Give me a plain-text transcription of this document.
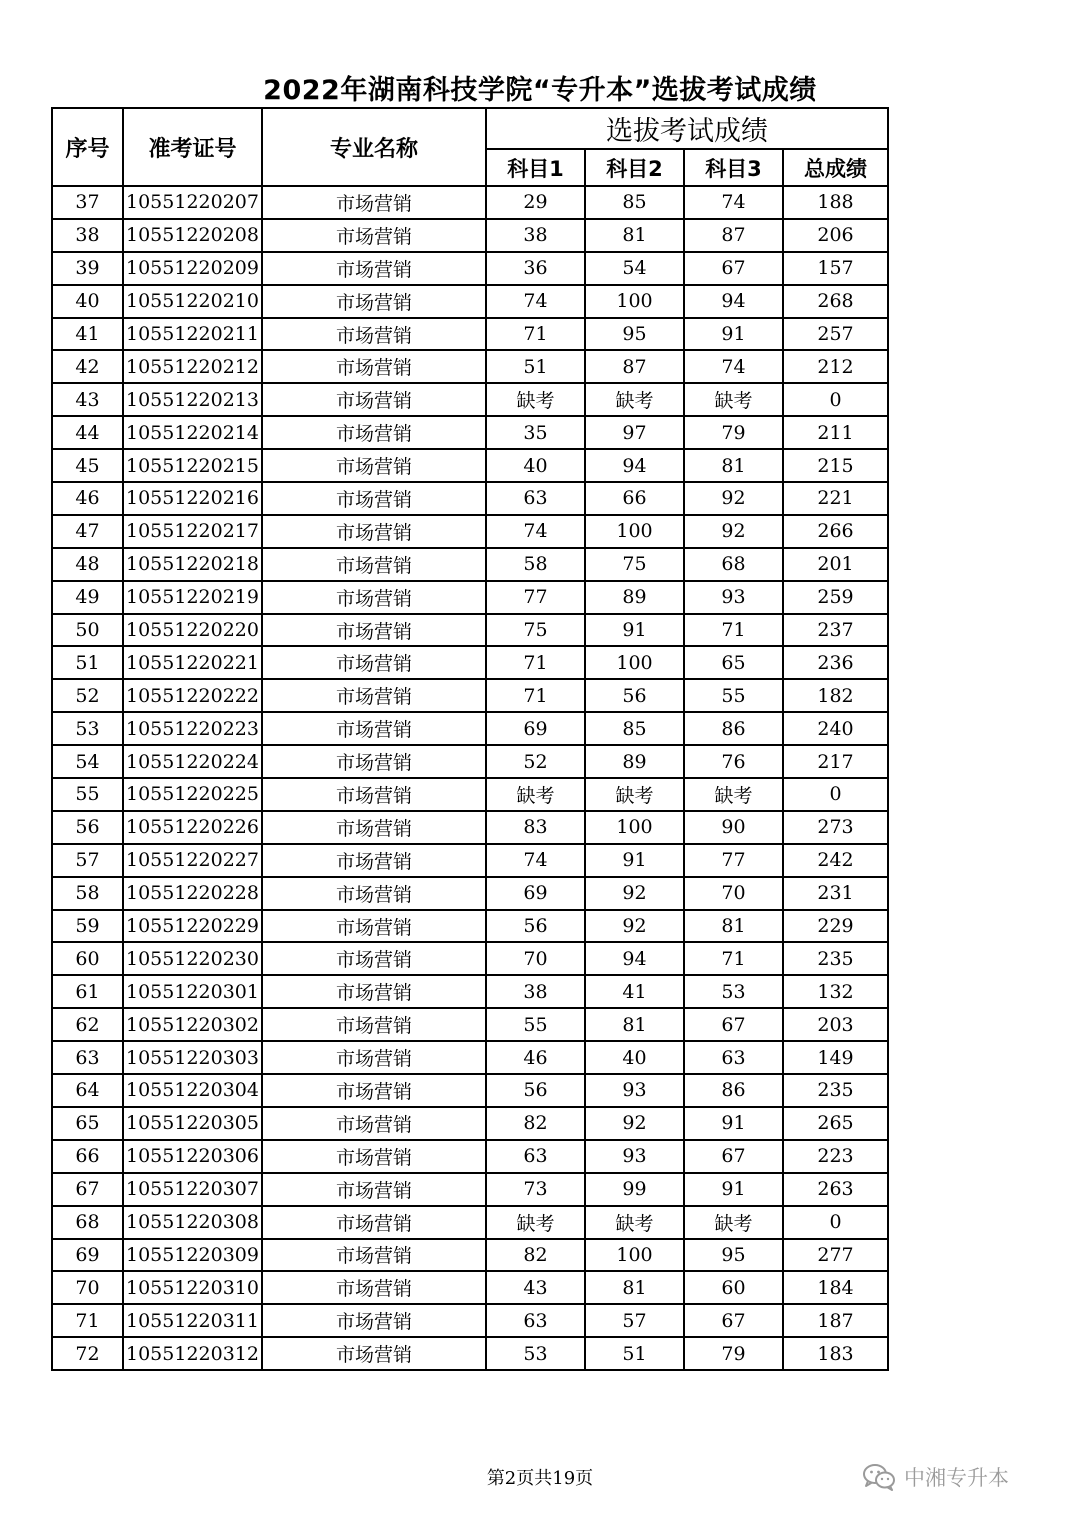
2022年湖南科技学院“专升本”选拔考试成绩
序号	准考证号	专业名称	选拔考试成绩			
			科目1	科目2	科目3	总成绩
37	10551220207	市场营销	29	85	74	188
38	10551220208	市场营销	38	81	87	206
39	10551220209	市场营销	36	54	67	157
40	10551220210	市场营销	74	100	94	268
41	10551220211	市场营销	71	95	91	257
42	10551220212	市场营销	51	87	74	212
43	10551220213	市场营销	缺考	缺考	缺考	0
44	10551220214	市场营销	35	97	79	211
45	10551220215	市场营销	40	94	81	215
46	10551220216	市场营销	63	66	92	221
47	10551220217	市场营销	74	100	92	266
48	10551220218	市场营销	58	75	68	201
49	10551220219	市场营销	77	89	93	259
50	10551220220	市场营销	75	91	71	237
51	10551220221	市场营销	71	100	65	236
52	10551220222	市场营销	71	56	55	182
53	10551220223	市场营销	69	85	86	240
54	10551220224	市场营销	52	89	76	217
55	10551220225	市场营销	缺考	缺考	缺考	0
56	10551220226	市场营销	83	100	90	273
57	10551220227	市场营销	74	91	77	242
58	10551220228	市场营销	69	92	70	231
59	10551220229	市场营销	56	92	81	229
60	10551220230	市场营销	70	94	71	235
61	10551220301	市场营销	38	41	53	132
62	10551220302	市场营销	55	81	67	203
63	10551220303	市场营销	46	40	63	149
64	10551220304	市场营销	56	93	86	235
65	10551220305	市场营销	82	92	91	265
66	10551220306	市场营销	63	93	67	223
67	10551220307	市场营销	73	99	91	263
68	10551220308	市场营销	缺考	缺考	缺考	0
69	10551220309	市场营销	82	100	95	277
70	10551220310	市场营销	43	81	60	184
71	10551220311	市场营销	63	57	67	187
72	10551220312	市场营销	53	51	79	183
第2页共19页	中湘专升本
